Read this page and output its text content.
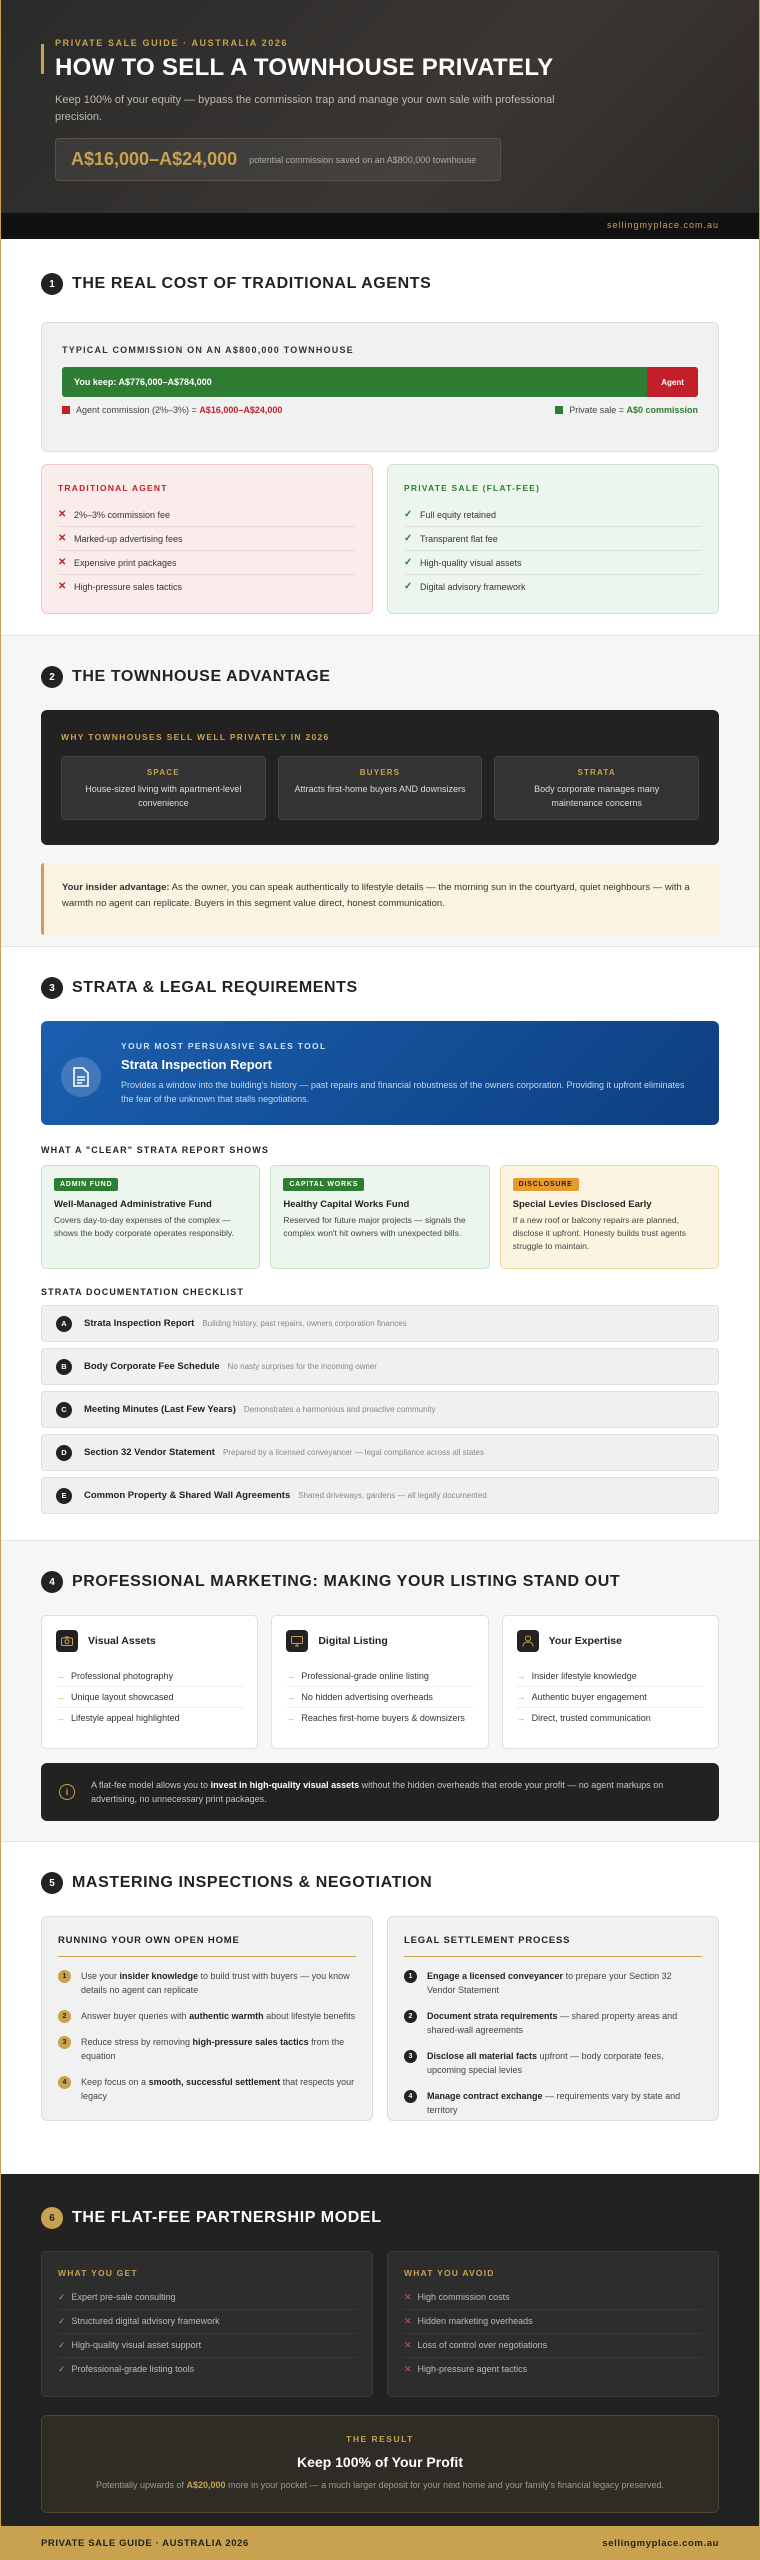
PRIVATE SALE GUIDE · AUSTRALIA 2026
HOW TO SELL A TOWNHOUSE PRIVATELY

Keep 100% of your equity — bypass the commission trap and manage your own sale with professional precision.

A$16,000–A$24,000 potential commission saved on an A$800,000 townhouse
sellingmyplace.com.au
1	THE REAL COST OF TRADITIONAL AGENTS
TYPICAL COMMISSION ON AN A$800,000 TOWNHOUSE
You keep: A$776,000–A$784,000	Agent
Agent commission (2%–3%) = A$16,000–A$24,000	Private sale = A$0 commission
TRADITIONAL AGENT
✕ 2%–3% commission fee
✕ Marked-up advertising fees
✕ Expensive print packages
✕ High-pressure sales tactics
PRIVATE SALE (FLAT-FEE)
✓ Full equity retained
✓ Transparent flat fee
✓ High-quality visual assets
✓ Digital advisory framework
2	THE TOWNHOUSE ADVANTAGE
WHY TOWNHOUSES SELL WELL PRIVATELY IN 2026
SPACE
House-sized living with apartment-level convenience
BUYERS
Attracts first-home buyers AND downsizers
STRATA
Body corporate manages many maintenance concerns
Your insider advantage: As the owner, you can speak authentically to lifestyle details — the morning sun in the courtyard, quiet neighbours — with a warmth no agent can replicate. Buyers in this segment value direct, honest communication.
3	STRATA & LEGAL REQUIREMENTS
YOUR MOST PERSUASIVE SALES TOOL
Strata Inspection Report
Provides a window into the building's history — past repairs and financial robustness of the owners corporation. Providing it upfront eliminates the fear of the unknown that stalls negotiations.
WHAT A "CLEAR" STRATA REPORT SHOWS
ADMIN FUND
Well-Managed Administrative Fund
Covers day-to-day expenses of the complex — shows the body corporate operates responsibly.
CAPITAL WORKS
Healthy Capital Works Fund
Reserved for future major projects — signals the complex won't hit owners with unexpected bills.
DISCLOSURE
Special Levies Disclosed Early
If a new roof or balcony repairs are planned, disclose it upfront. Honesty builds trust agents struggle to maintain.
STRATA DOCUMENTATION CHECKLIST
A	Strata Inspection Report Building history, past repairs, owners corporation finances
B	Body Corporate Fee Schedule No nasty surprises for the incoming owner
C	Meeting Minutes (Last Few Years) Demonstrates a harmonious and proactive community
D	Section 32 Vendor Statement Prepared by a licensed conveyancer — legal compliance across all states
E	Common Property & Shared Wall Agreements Shared driveways, gardens — all legally documented
4	PROFESSIONAL MARKETING: MAKING YOUR LISTING STAND OUT
Visual Assets
→ Professional photography
→ Unique layout showcased
→ Lifestyle appeal highlighted
Digital Listing
→ Professional-grade online listing
→ No hidden advertising overheads
→ Reaches first-home buyers & downsizers
Your Expertise
→ Insider lifestyle knowledge
→ Authentic buyer engagement
→ Direct, trusted communication
i
A flat-fee model allows you to invest in high-quality visual assets without the hidden overheads that erode your profit — no agent markups on advertising, no unnecessary print packages.
5	MASTERING INSPECTIONS & NEGOTIATION
RUNNING YOUR OWN OPEN HOME
1	Use your insider knowledge to build trust with buyers — you know details no agent can replicate
2	Answer buyer queries with authentic warmth about lifestyle benefits
3	Reduce stress by removing high-pressure sales tactics from the equation
4	Keep focus on a smooth, successful settlement that respects your legacy
LEGAL SETTLEMENT PROCESS
1	Engage a licensed conveyancer to prepare your Section 32 Vendor Statement
2	Document strata requirements — shared property areas and shared-wall agreements
3	Disclose all material facts upfront — body corporate fees, upcoming special levies
4	Manage contract exchange — requirements vary by state and territory
6	THE FLAT-FEE PARTNERSHIP MODEL
WHAT YOU GET
✓ Expert pre-sale consulting
✓ Structured digital advisory framework
✓ High-quality visual asset support
✓ Professional-grade listing tools
WHAT YOU AVOID
✕ High commission costs
✕ Hidden marketing overheads
✕ Loss of control over negotiations
✕ High-pressure agent tactics
THE RESULT
Keep 100% of Your Profit
Potentially upwards of A$20,000 more in your pocket — a much larger deposit for your next home and your family's financial legacy preserved.
PRIVATE SALE GUIDE · AUSTRALIA 2026	sellingmyplace.com.au
